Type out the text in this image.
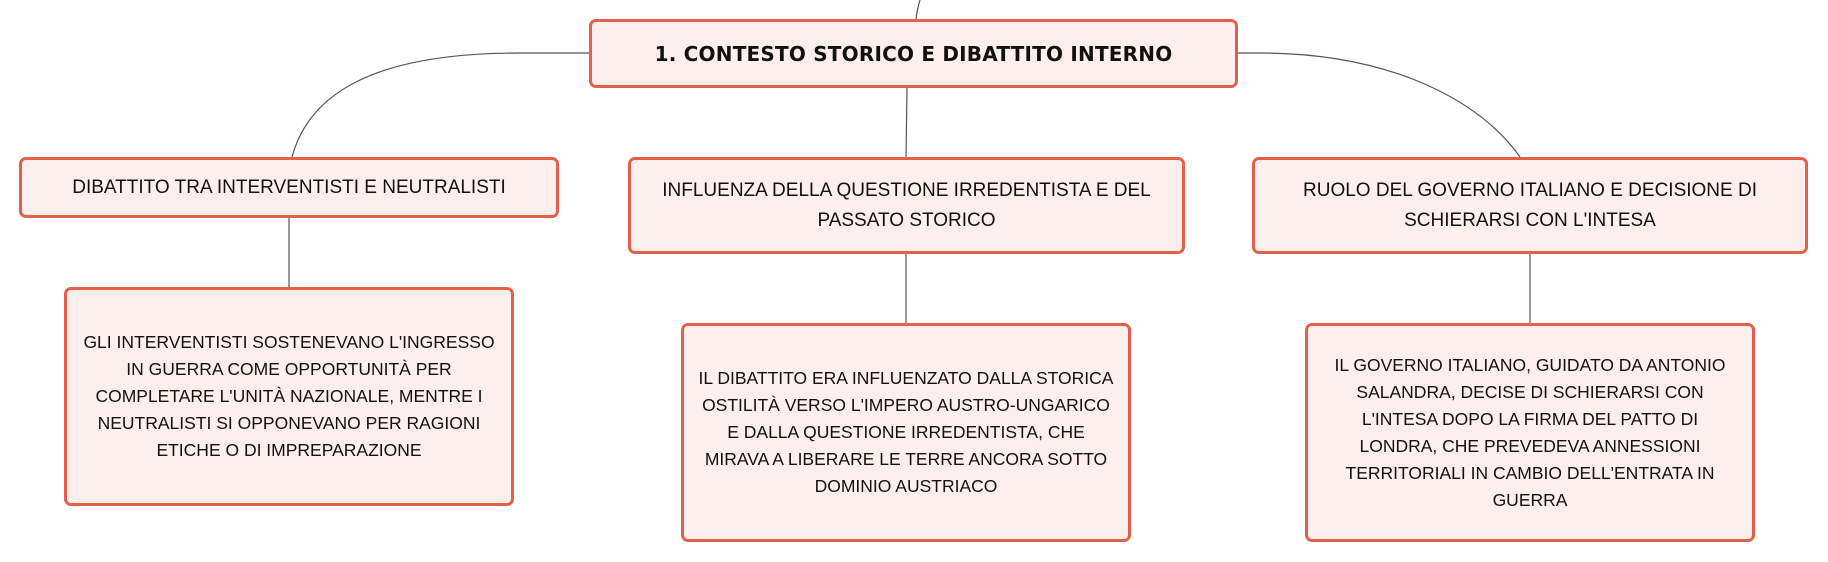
1. CONTESTO STORICO E DIBATTITO INTERNO
DIBATTITO TRA INTERVENTISTI E NEUTRALISTI
GLI INTERVENTISTI SOSTENEVANO L'INGRESSO IN GUERRA COME OPPORTUNITÀ PER COMPLETARE L'UNITÀ NAZIONALE, MENTRE I NEUTRALISTI SI OPPONEVANO PER RAGIONI ETICHE O DI IMPREPARAZIONE
INFLUENZA DELLA QUESTIONE IRREDENTISTA E DEL PASSATO STORICO
IL DIBATTITO ERA INFLUENZATO DALLA STORICA OSTILITÀ VERSO L'IMPERO AUSTRO-UNGARICO E DALLA QUESTIONE IRREDENTISTA, CHE MIRAVA A LIBERARE LE TERRE ANCORA SOTTO DOMINIO AUSTRIACO
RUOLO DEL GOVERNO ITALIANO E DECISIONE DI SCHIERARSI CON L'INTESA
IL GOVERNO ITALIANO, GUIDATO DA ANTONIO SALANDRA, DECISE DI SCHIERARSI CON L'INTESA DOPO LA FIRMA DEL PATTO DI LONDRA, CHE PREVEDEVA ANNESSIONI TERRITORIALI IN CAMBIO DELL'ENTRATA IN GUERRA
